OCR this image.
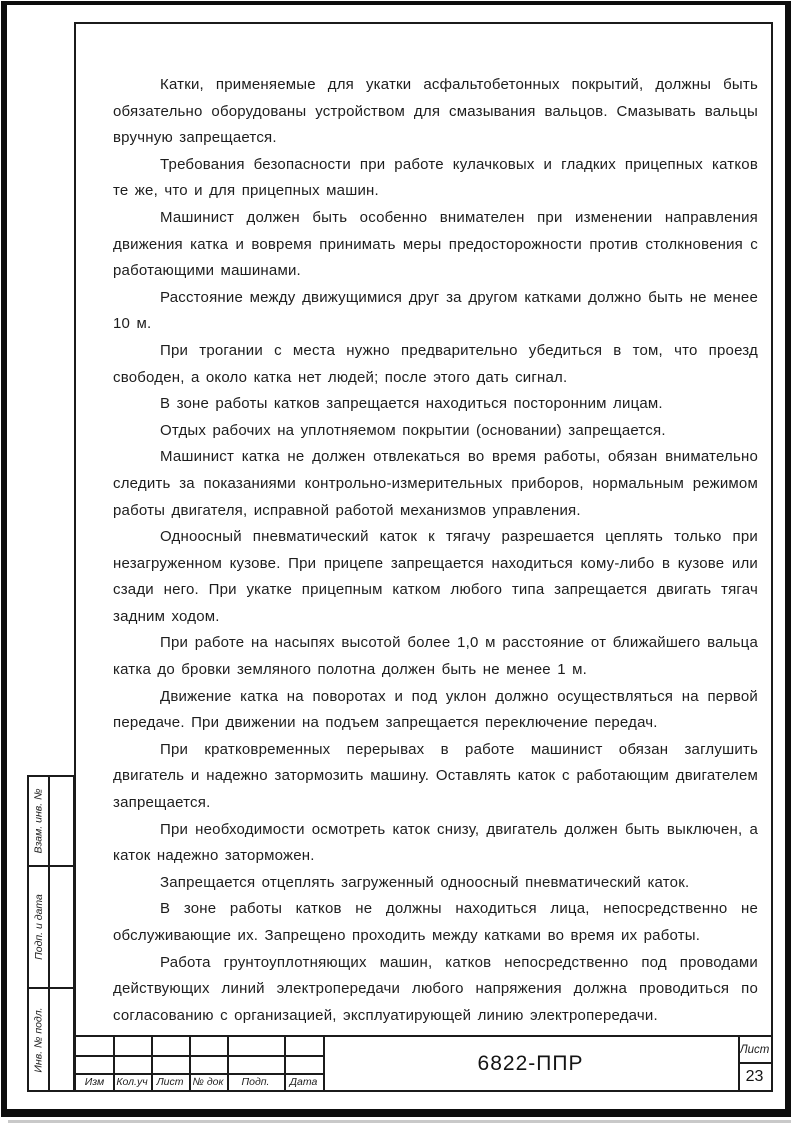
Катки, применяемые для укатки асфальтобетонных покрытий, должны быть обязательно оборудованы устройством для смазывания вальцов. Смазывать вальцы вручную запрещается.

Требования безопасности при работе кулачковых и гладких прицепных катков те же, что и для прицепных машин.

Машинист должен быть особенно внимателен при изменении направления движения катка и вовремя принимать меры предосторожности против столкновения с работающими машинами.

Расстояние между движущимися друг за другом катками должно быть не менее 10 м.

При трогании с места нужно предварительно убедиться в том, что проезд свободен, а около катка нет людей; после этого дать сигнал.

В зоне работы катков запрещается находиться посторонним лицам.

Отдых рабочих на уплотняемом покрытии (основании) запрещается.

Машинист катка не должен отвлекаться во время работы, обязан внимательно следить за показаниями контрольно-измерительных приборов, нормальным режимом работы двигателя, исправной работой механизмов управления.

Одноосный пневматический каток к тягачу разрешается цеплять только при незагруженном кузове. При прицепе запрещается находиться кому-либо в кузове или сзади него. При укатке прицепным катком любого типа запрещается двигать тягач задним ходом.

При работе на насыпях высотой более 1,0 м расстояние от ближайшего вальца катка до бровки земляного полотна должен быть не менее 1 м.

Движение катка на поворотах и под уклон должно осуществляться на первой передаче. При движении на подъем запрещается переключение передач.

При кратковременных перерывах в работе машинист обязан заглушить двигатель и надежно затормозить машину. Оставлять каток с работающим двигателем запрещается.

При необходимости осмотреть каток снизу, двигатель должен быть выключен, а каток надежно заторможен.

Запрещается отцеплять загруженный одноосный пневматический каток.

В зоне работы катков не должны находиться лица, непосредственно не обслуживающие их. Запрещено проходить между катками во время их работы.

Работа грунтоуплотняющих машин, катков непосредственно под проводами действующих линий электропередачи любого напряжения должна проводиться по согласованию с организацией, эксплуатирующей линию электропередачи.

Взам. инв. №
Подп. и дата
Инв. № подл.
Изм	Кол.уч Лист № док	Подп.	Дата
6822-ППР
Лист
23
